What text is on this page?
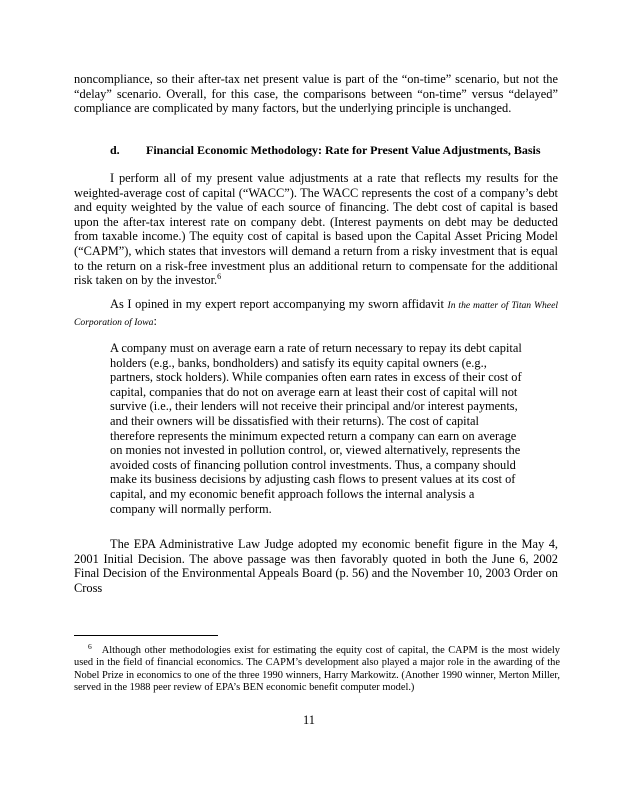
noncompliance, so their after-tax net present value is part of the “on-time” scenario, but not the “delay” scenario. Overall, for this case, the comparisons between “on-time” versus “delayed” compliance are complicated by many factors, but the underlying principle is unchanged.

d. Financial Economic Methodology: Rate for Present Value Adjustments, Basis

I perform all of my present value adjustments at a rate that reflects my results for the weighted-average cost of capital (“WACC”). The WACC represents the cost of a company’s debt and equity weighted by the value of each source of financing. The debt cost of capital is based upon the after-tax interest rate on company debt. (Interest payments on debt may be deducted from taxable income.) The equity cost of capital is based upon the Capital Asset Pricing Model (“CAPM”), which states that investors will demand a return from a risky investment that is equal to the return on a risk-free investment plus an additional return to compensate for the additional risk taken on by the investor.$^6$

As I opined in my expert report accompanying my sworn affidavit In the matter of Titan Wheel Corporation of Iowa:

A company must on average earn a rate of return necessary to repay its debt capital holders (e.g., banks, bondholders) and satisfy its equity capital owners (e.g., partners, stock holders). While companies often earn rates in excess of their cost of capital, companies that do not on average earn at least their cost of capital will not survive (i.e., their lenders will not receive their principal and/or interest payments, and their owners will be dissatisfied with their returns). The cost of capital therefore represents the minimum expected return a company can earn on average on monies not invested in pollution control, or, viewed alternatively, represents the avoided costs of financing pollution control investments. Thus, a company should make its business decisions by adjusting cash flows to present values at its cost of capital, and my economic benefit approach follows the internal analysis a company will normally perform.

The EPA Administrative Law Judge adopted my economic benefit figure in the May 4, 2001 Initial Decision. The above passage was then favorably quoted in both the June 6, 2002 Final Decision of the Environmental Appeals Board (p. 56) and the November 10, 2003 Order on Cross

$^6$ Although other methodologies exist for estimating the equity cost of capital, the CAPM is the most widely used in the field of financial economics. The CAPM’s development also played a major role in the awarding of the Nobel Prize in economics to one of the three 1990 winners, Harry Markowitz. (Another 1990 winner, Merton Miller, served in the 1988 peer review of EPA’s BEN economic benefit computer model.)

11
